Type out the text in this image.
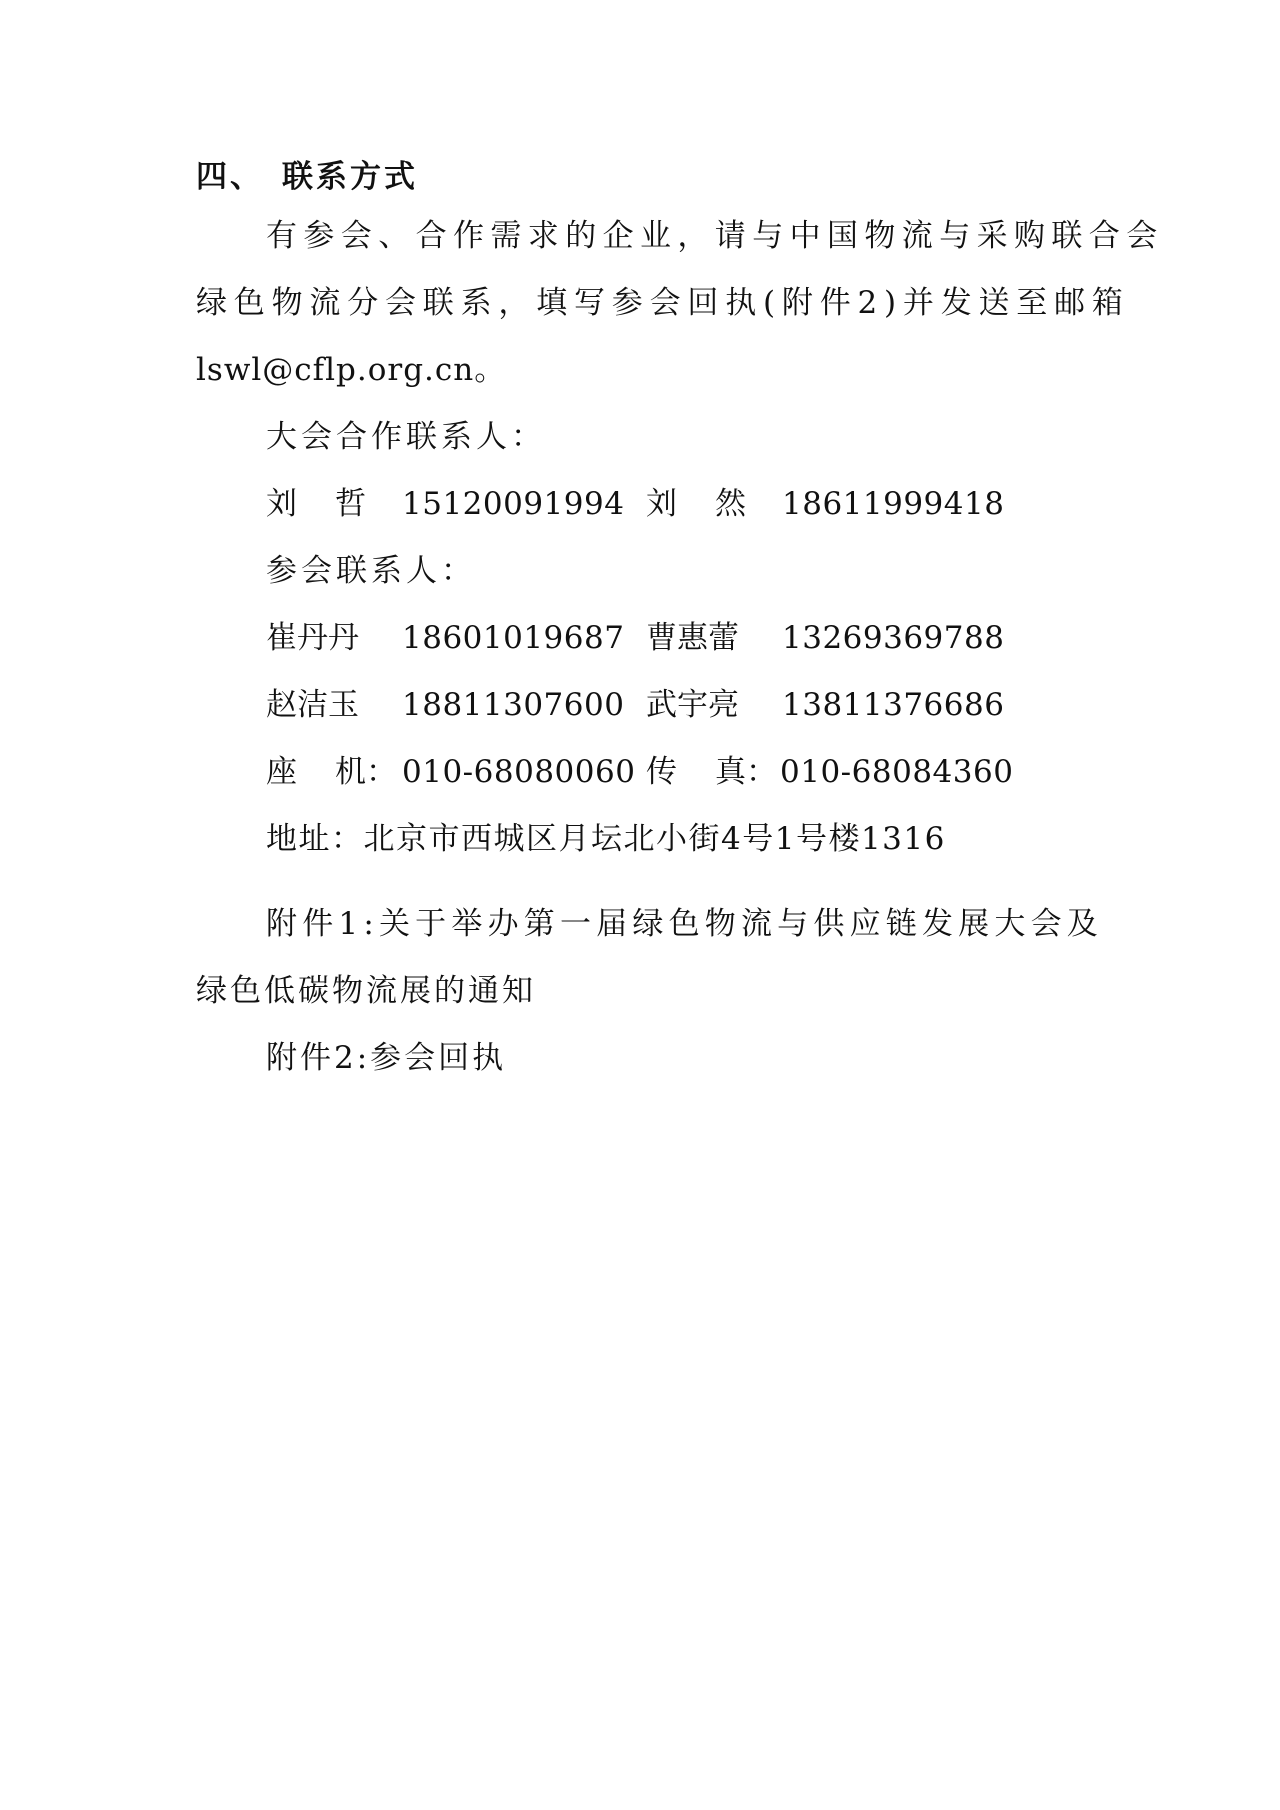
四、 联系方式
有参会、合作需求的企业，请与中国物流与采购联合会
绿色物流分会联系，填写参会回执(附件2)并发送至邮箱
lswl@cflp.org.cn。
大会合作联系人：
刘 哲 15120091994 刘 然 18611999418
参会联系人：
崔丹丹 18601019687 曹惠蕾 13269369788
赵洁玉 18811307600 武宇亮 13811376686
座 机： 010-68080060 传 真： 010-68084360
地址：北京市西城区月坛北小街4号1号楼1316
附件1:关于举办第一届绿色物流与供应链发展大会及
绿色低碳物流展的通知
附件2:参会回执
